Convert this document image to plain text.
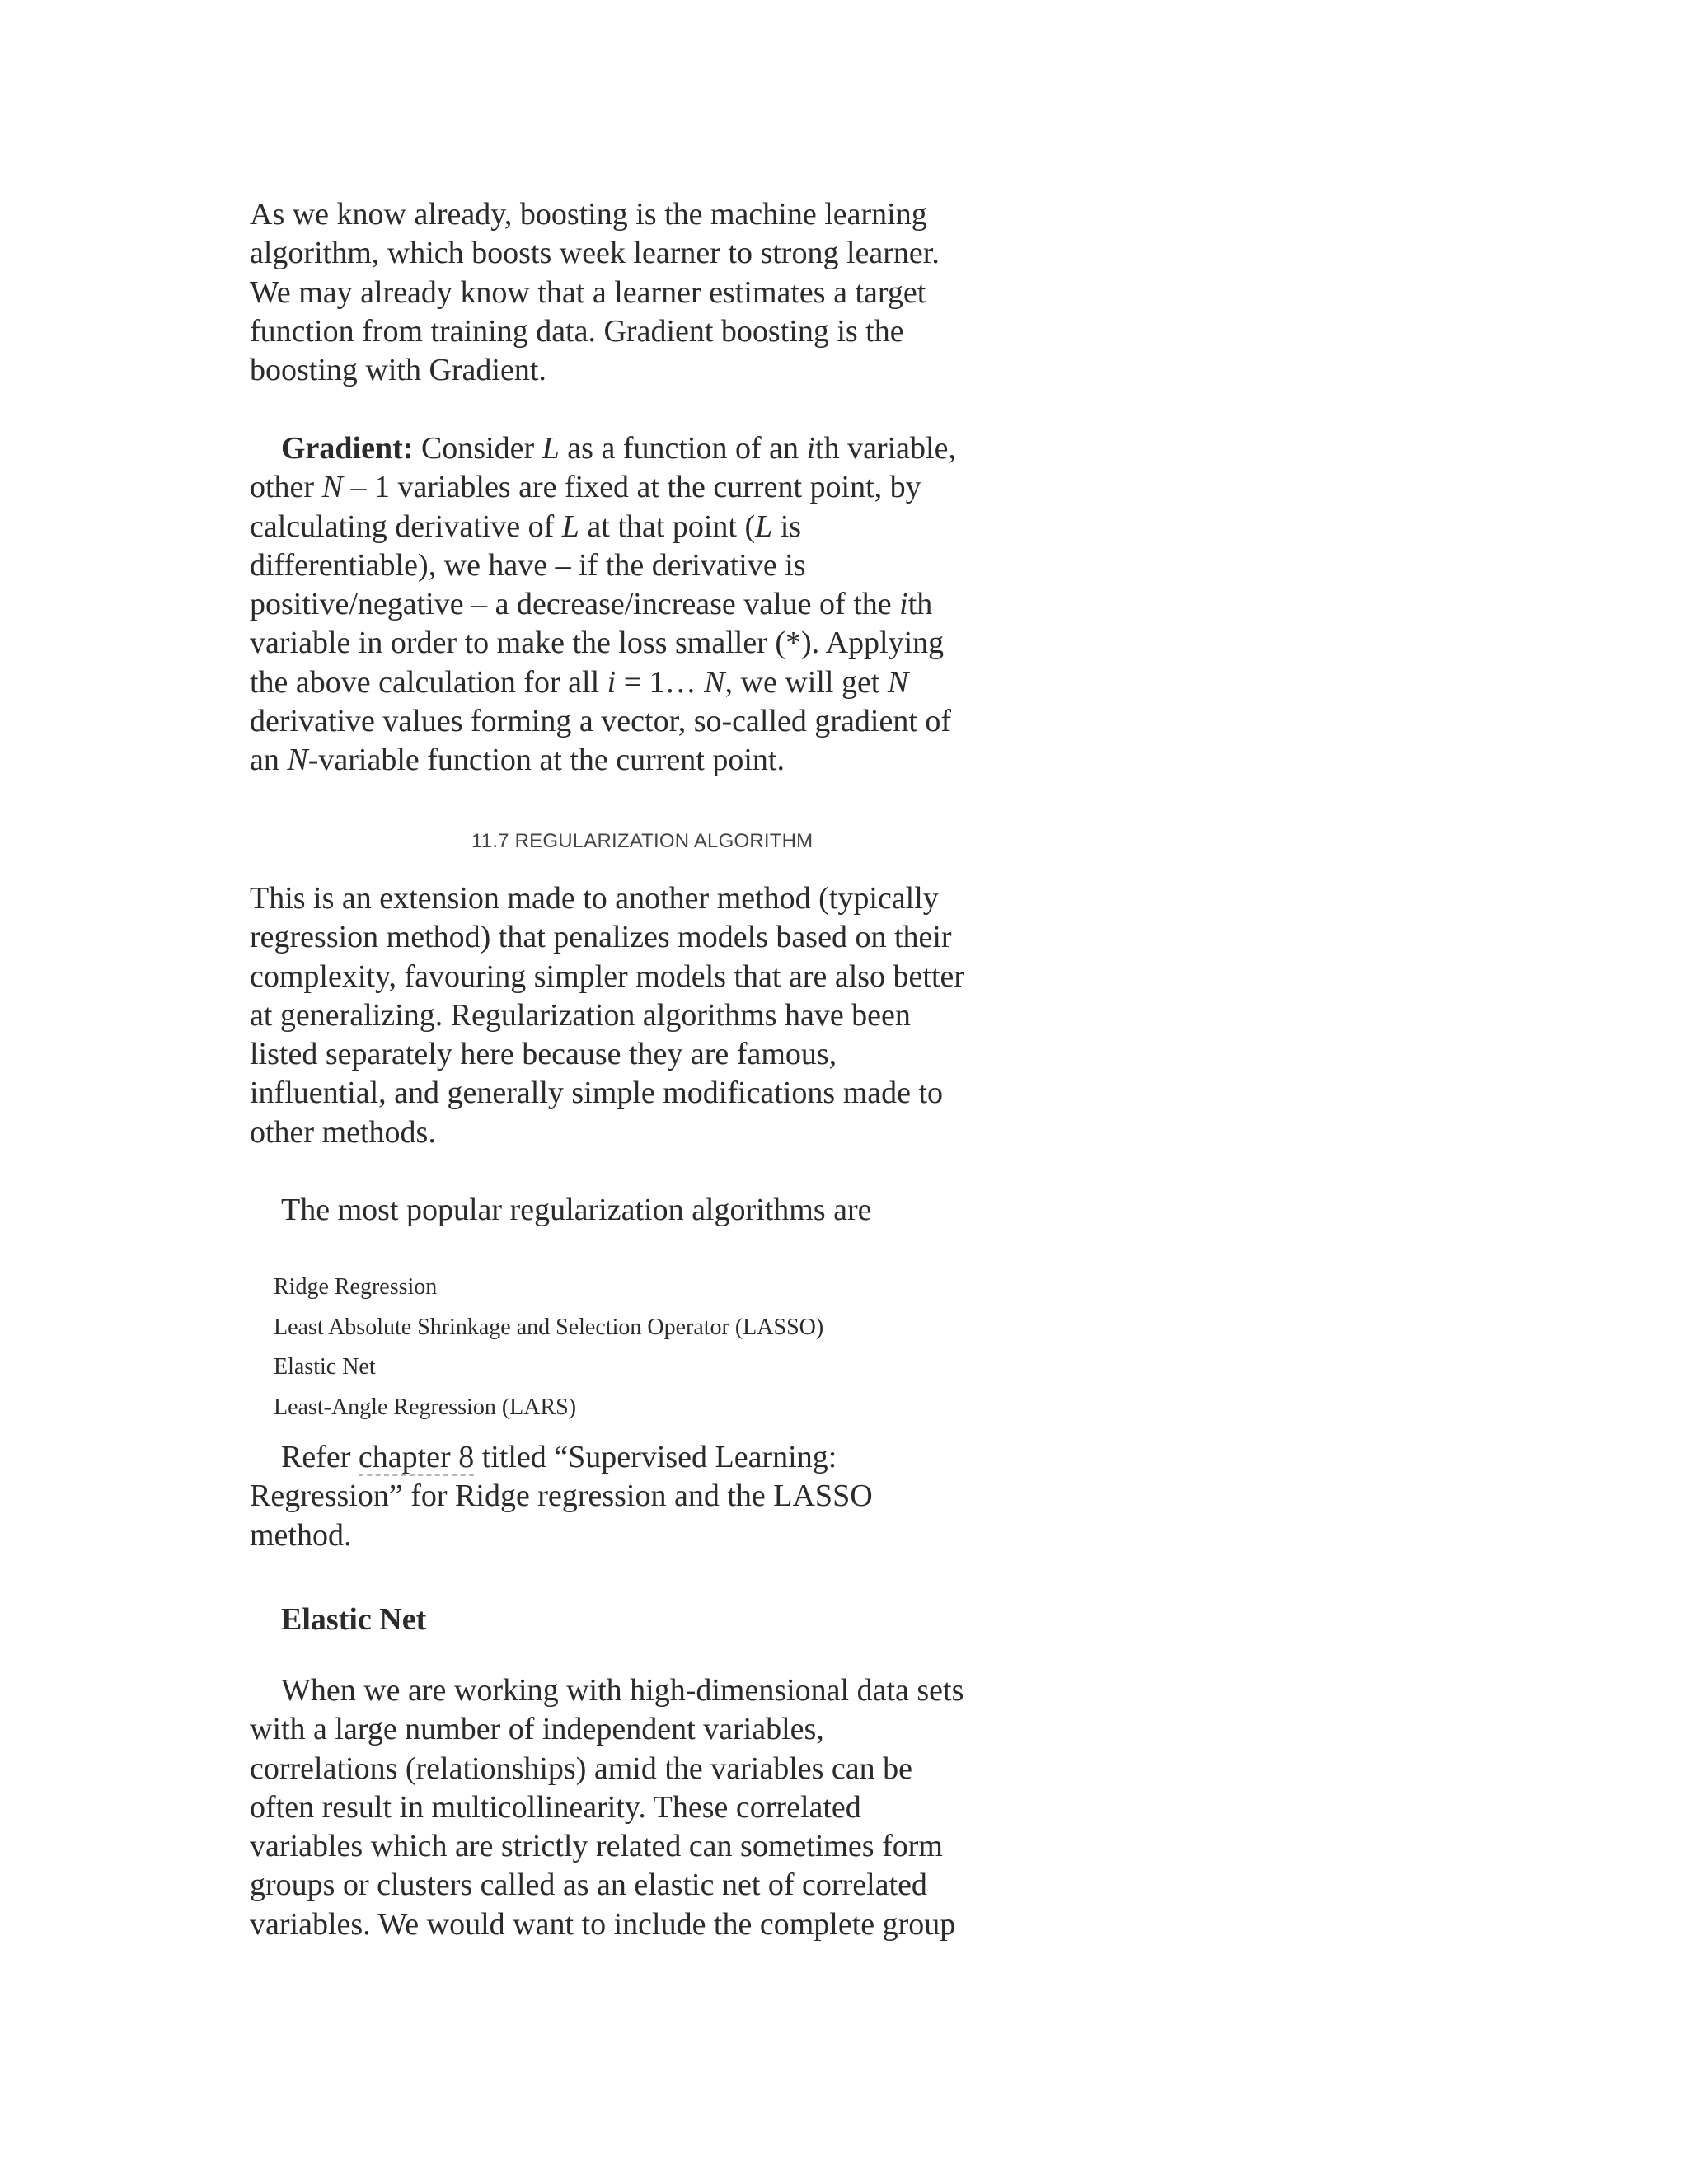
As we know already, boosting is the machine learning
algorithm, which boosts week learner to strong learner.
We may already know that a learner estimates a target
function from training data. Gradient boosting is the
boosting with Gradient.

Gradient: Consider L as a function of an ith variable,
other N – 1 variables are fixed at the current point, by
calculating derivative of L at that point (L is
differentiable), we have – if the derivative is
positive/negative – a decrease/increase value of the ith
variable in order to make the loss smaller (*). Applying
the above calculation for all i = 1… N, we will get N
derivative values forming a vector, so-called gradient of
an N-variable function at the current point.

11.7 REGULARIZATION ALGORITHM

This is an extension made to another method (typically
regression method) that penalizes models based on their
complexity, favouring simpler models that are also better
at generalizing. Regularization algorithms have been
listed separately here because they are famous,
influential, and generally simple modifications made to
other methods.

The most popular regularization algorithms are

Ridge Regression
Least Absolute Shrinkage and Selection Operator (LASSO)
Elastic Net
Least-Angle Regression (LARS)

Refer chapter 8 titled “Supervised Learning:
Regression” for Ridge regression and the LASSO
method.

Elastic Net

When we are working with high-dimensional data sets
with a large number of independent variables,
correlations (relationships) amid the variables can be
often result in multicollinearity. These correlated
variables which are strictly related can sometimes form
groups or clusters called as an elastic net of correlated
variables. We would want to include the complete group
